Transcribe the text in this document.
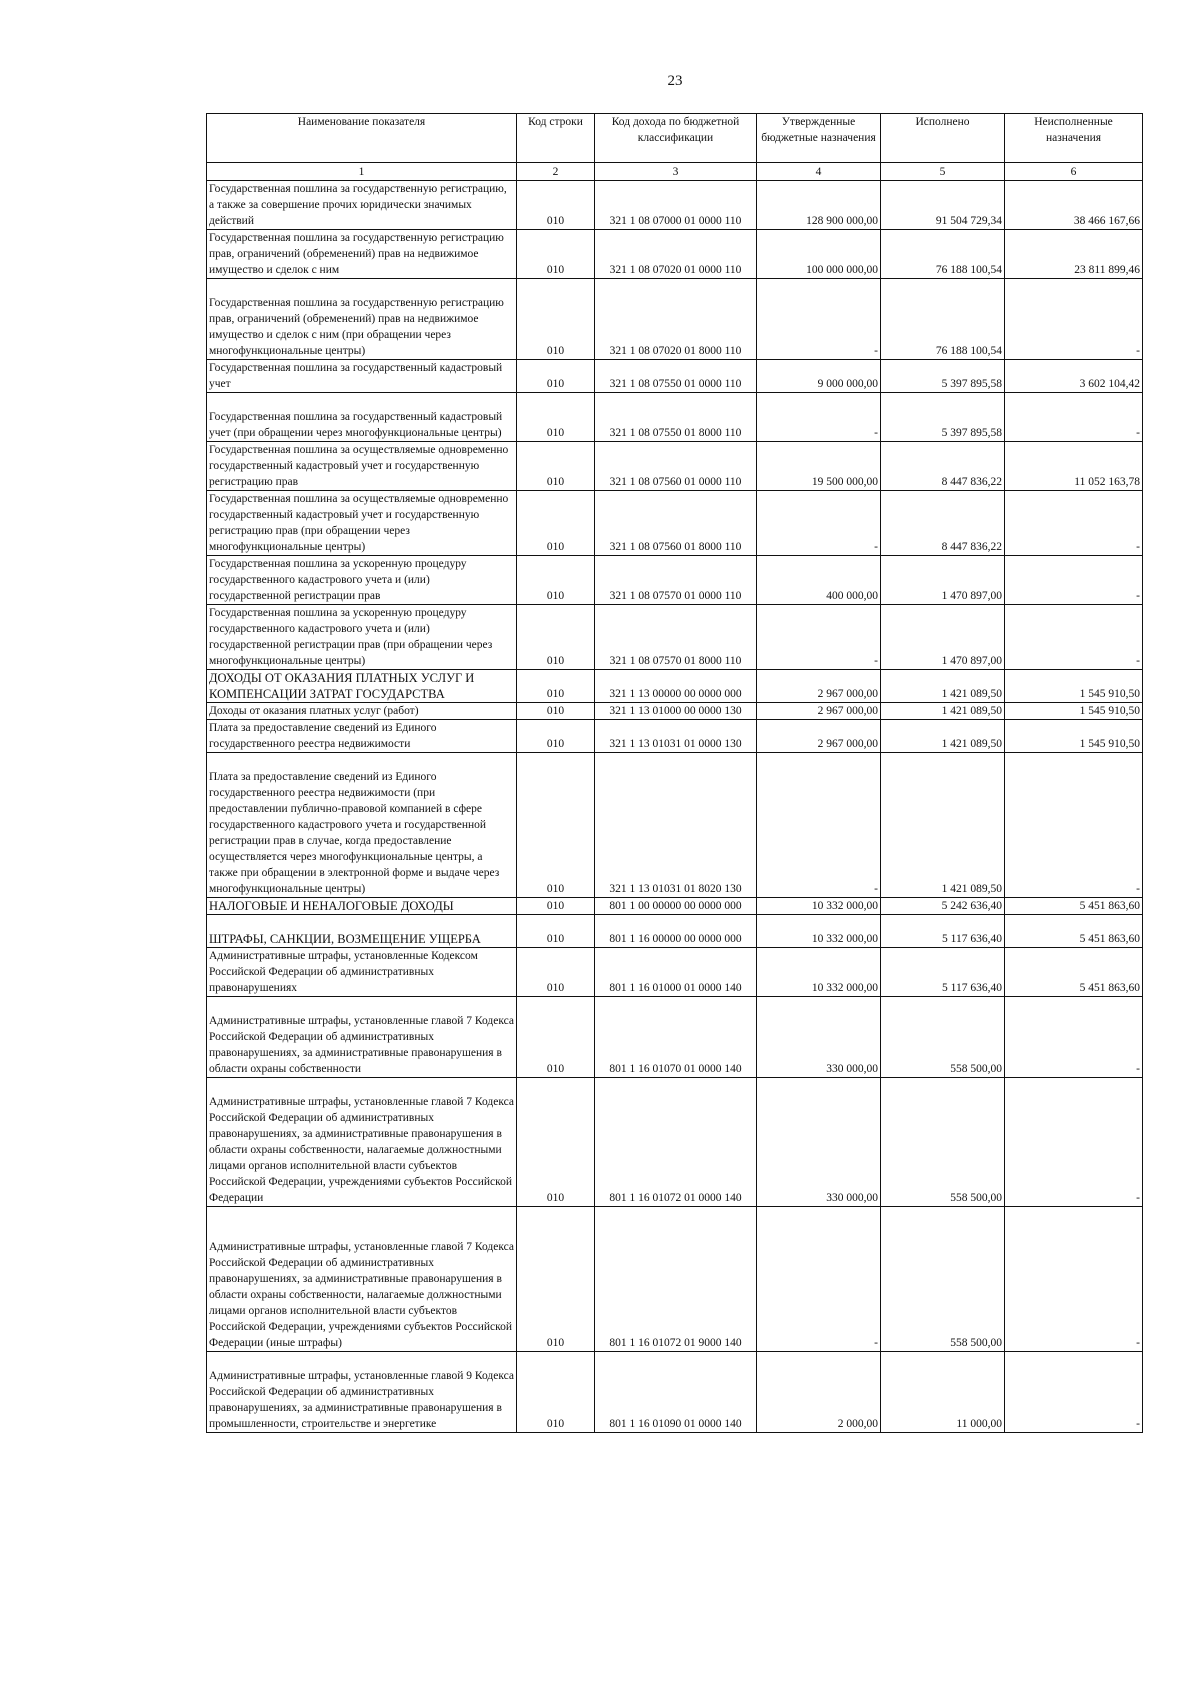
23
Наименование показателя	Код строки	Код дохода по бюджетной классификации	Утвержденные бюджетные назначения	Исполнено	Неисполненные назначения
1	2	3	4	5	6
Государственная пошлина за государственную регистрацию, а также за совершение прочих юридически значимых действий	010	321 1 08 07000 01 0000 110	128 900 000,00	91 504 729,34	38 466 167,66
Государственная пошлина за государственную регистрацию прав, ограничений (обременений) прав на недвижимое имущество и сделок с ним	010	321 1 08 07020 01 0000 110	100 000 000,00	76 188 100,54	23 811 899,46
Государственная пошлина за государственную регистрацию прав, ограничений (обременений) прав на недвижимое имущество и сделок с ним (при обращении через многофункциональные центры)	010	321 1 08 07020 01 8000 110	-	76 188 100,54	-
Государственная пошлина за государственный кадастровый учет	010	321 1 08 07550 01 0000 110	9 000 000,00	5 397 895,58	3 602 104,42
Государственная пошлина за государственный кадастровый учет (при обращении через многофункциональные центры)	010	321 1 08 07550 01 8000 110	-	5 397 895,58	-
Государственная пошлина за осуществляемые одновременно государственный кадастровый учет и государственную регистрацию прав	010	321 1 08 07560 01 0000 110	19 500 000,00	8 447 836,22	11 052 163,78
Государственная пошлина за осуществляемые одновременно государственный кадастровый учет и государственную регистрацию прав (при обращении через многофункциональные центры)	010	321 1 08 07560 01 8000 110	-	8 447 836,22	-
Государственная пошлина за ускоренную процедуру государственного кадастрового учета и (или) государственной регистрации прав	010	321 1 08 07570 01 0000 110	400 000,00	1 470 897,00	-
Государственная пошлина за ускоренную процедуру государственного кадастрового учета и (или) государственной регистрации прав (при обращении через многофункциональные центры)	010	321 1 08 07570 01 8000 110	-	1 470 897,00	-
ДОХОДЫ ОТ ОКАЗАНИЯ ПЛАТНЫХ УСЛУГ И КОМПЕНСАЦИИ ЗАТРАТ ГОСУДАРСТВА	010	321 1 13 00000 00 0000 000	2 967 000,00	1 421 089,50	1 545 910,50
Доходы от оказания платных услуг (работ)	010	321 1 13 01000 00 0000 130	2 967 000,00	1 421 089,50	1 545 910,50
Плата за предоставление сведений из Единого государственного реестра недвижимости	010	321 1 13 01031 01 0000 130	2 967 000,00	1 421 089,50	1 545 910,50
Плата за предоставление сведений из Единого государственного реестра недвижимости (при предоставлении публично-правовой компанией в сфере государственного кадастрового учета и государственной регистрации прав в случае, когда предоставление осуществляется через многофункциональные центры, а также при обращении в электронной форме и выдаче через многофункциональные центры)	010	321 1 13 01031 01 8020 130	-	1 421 089,50	-
НАЛОГОВЫЕ И НЕНАЛОГОВЫЕ ДОХОДЫ	010	801 1 00 00000 00 0000 000	10 332 000,00	5 242 636,40	5 451 863,60
ШТРАФЫ, САНКЦИИ, ВОЗМЕЩЕНИЕ УЩЕРБА	010	801 1 16 00000 00 0000 000	10 332 000,00	5 117 636,40	5 451 863,60
Административные штрафы, установленные Кодексом Российской Федерации об административных правонарушениях	010	801 1 16 01000 01 0000 140	10 332 000,00	5 117 636,40	5 451 863,60
Административные штрафы, установленные главой 7 Кодекса Российской Федерации об административных правонарушениях, за административные правонарушения в области охраны собственности	010	801 1 16 01070 01 0000 140	330 000,00	558 500,00	-
Административные штрафы, установленные главой 7 Кодекса Российской Федерации об административных правонарушениях, за административные правонарушения в области охраны собственности, налагаемые должностными лицами органов исполнительной власти субъектов Российской Федерации, учреждениями субъектов Российской Федерации	010	801 1 16 01072 01 0000 140	330 000,00	558 500,00	-
Административные штрафы, установленные главой 7 Кодекса Российской Федерации об административных правонарушениях, за административные правонарушения в области охраны собственности, налагаемые должностными лицами органов исполнительной власти субъектов Российской Федерации, учреждениями субъектов Российской Федерации (иные штрафы)	010	801 1 16 01072 01 9000 140	-	558 500,00	-
Административные штрафы, установленные главой 9 Кодекса Российской Федерации об административных правонарушениях, за административные правонарушения в промышленности, строительстве и энергетике	010	801 1 16 01090 01 0000 140	2 000,00	11 000,00	-
